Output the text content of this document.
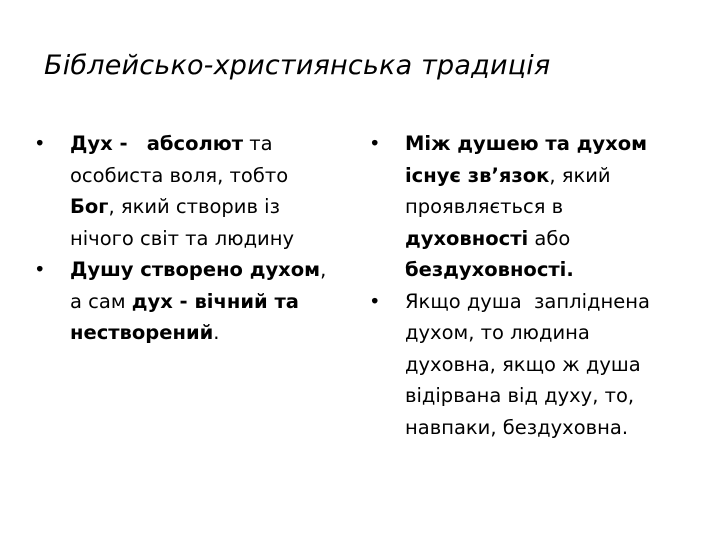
Біблейсько-християнська традиція
•	Дух -   абсолют та
особиста воля, тобто
Бог, який створив із
нічого світ та людину
•	Душу створено духом,
а сам дух - вічний та
нестворений.
•	Між душею та духом
існує зв’язок, який
проявляється в
духовності або
бездуховності.
•	Якщо душа  запліднена
духом, то людина
духовна, якщо ж душа
відірвана від духу, то,
навпаки, бездуховна.
